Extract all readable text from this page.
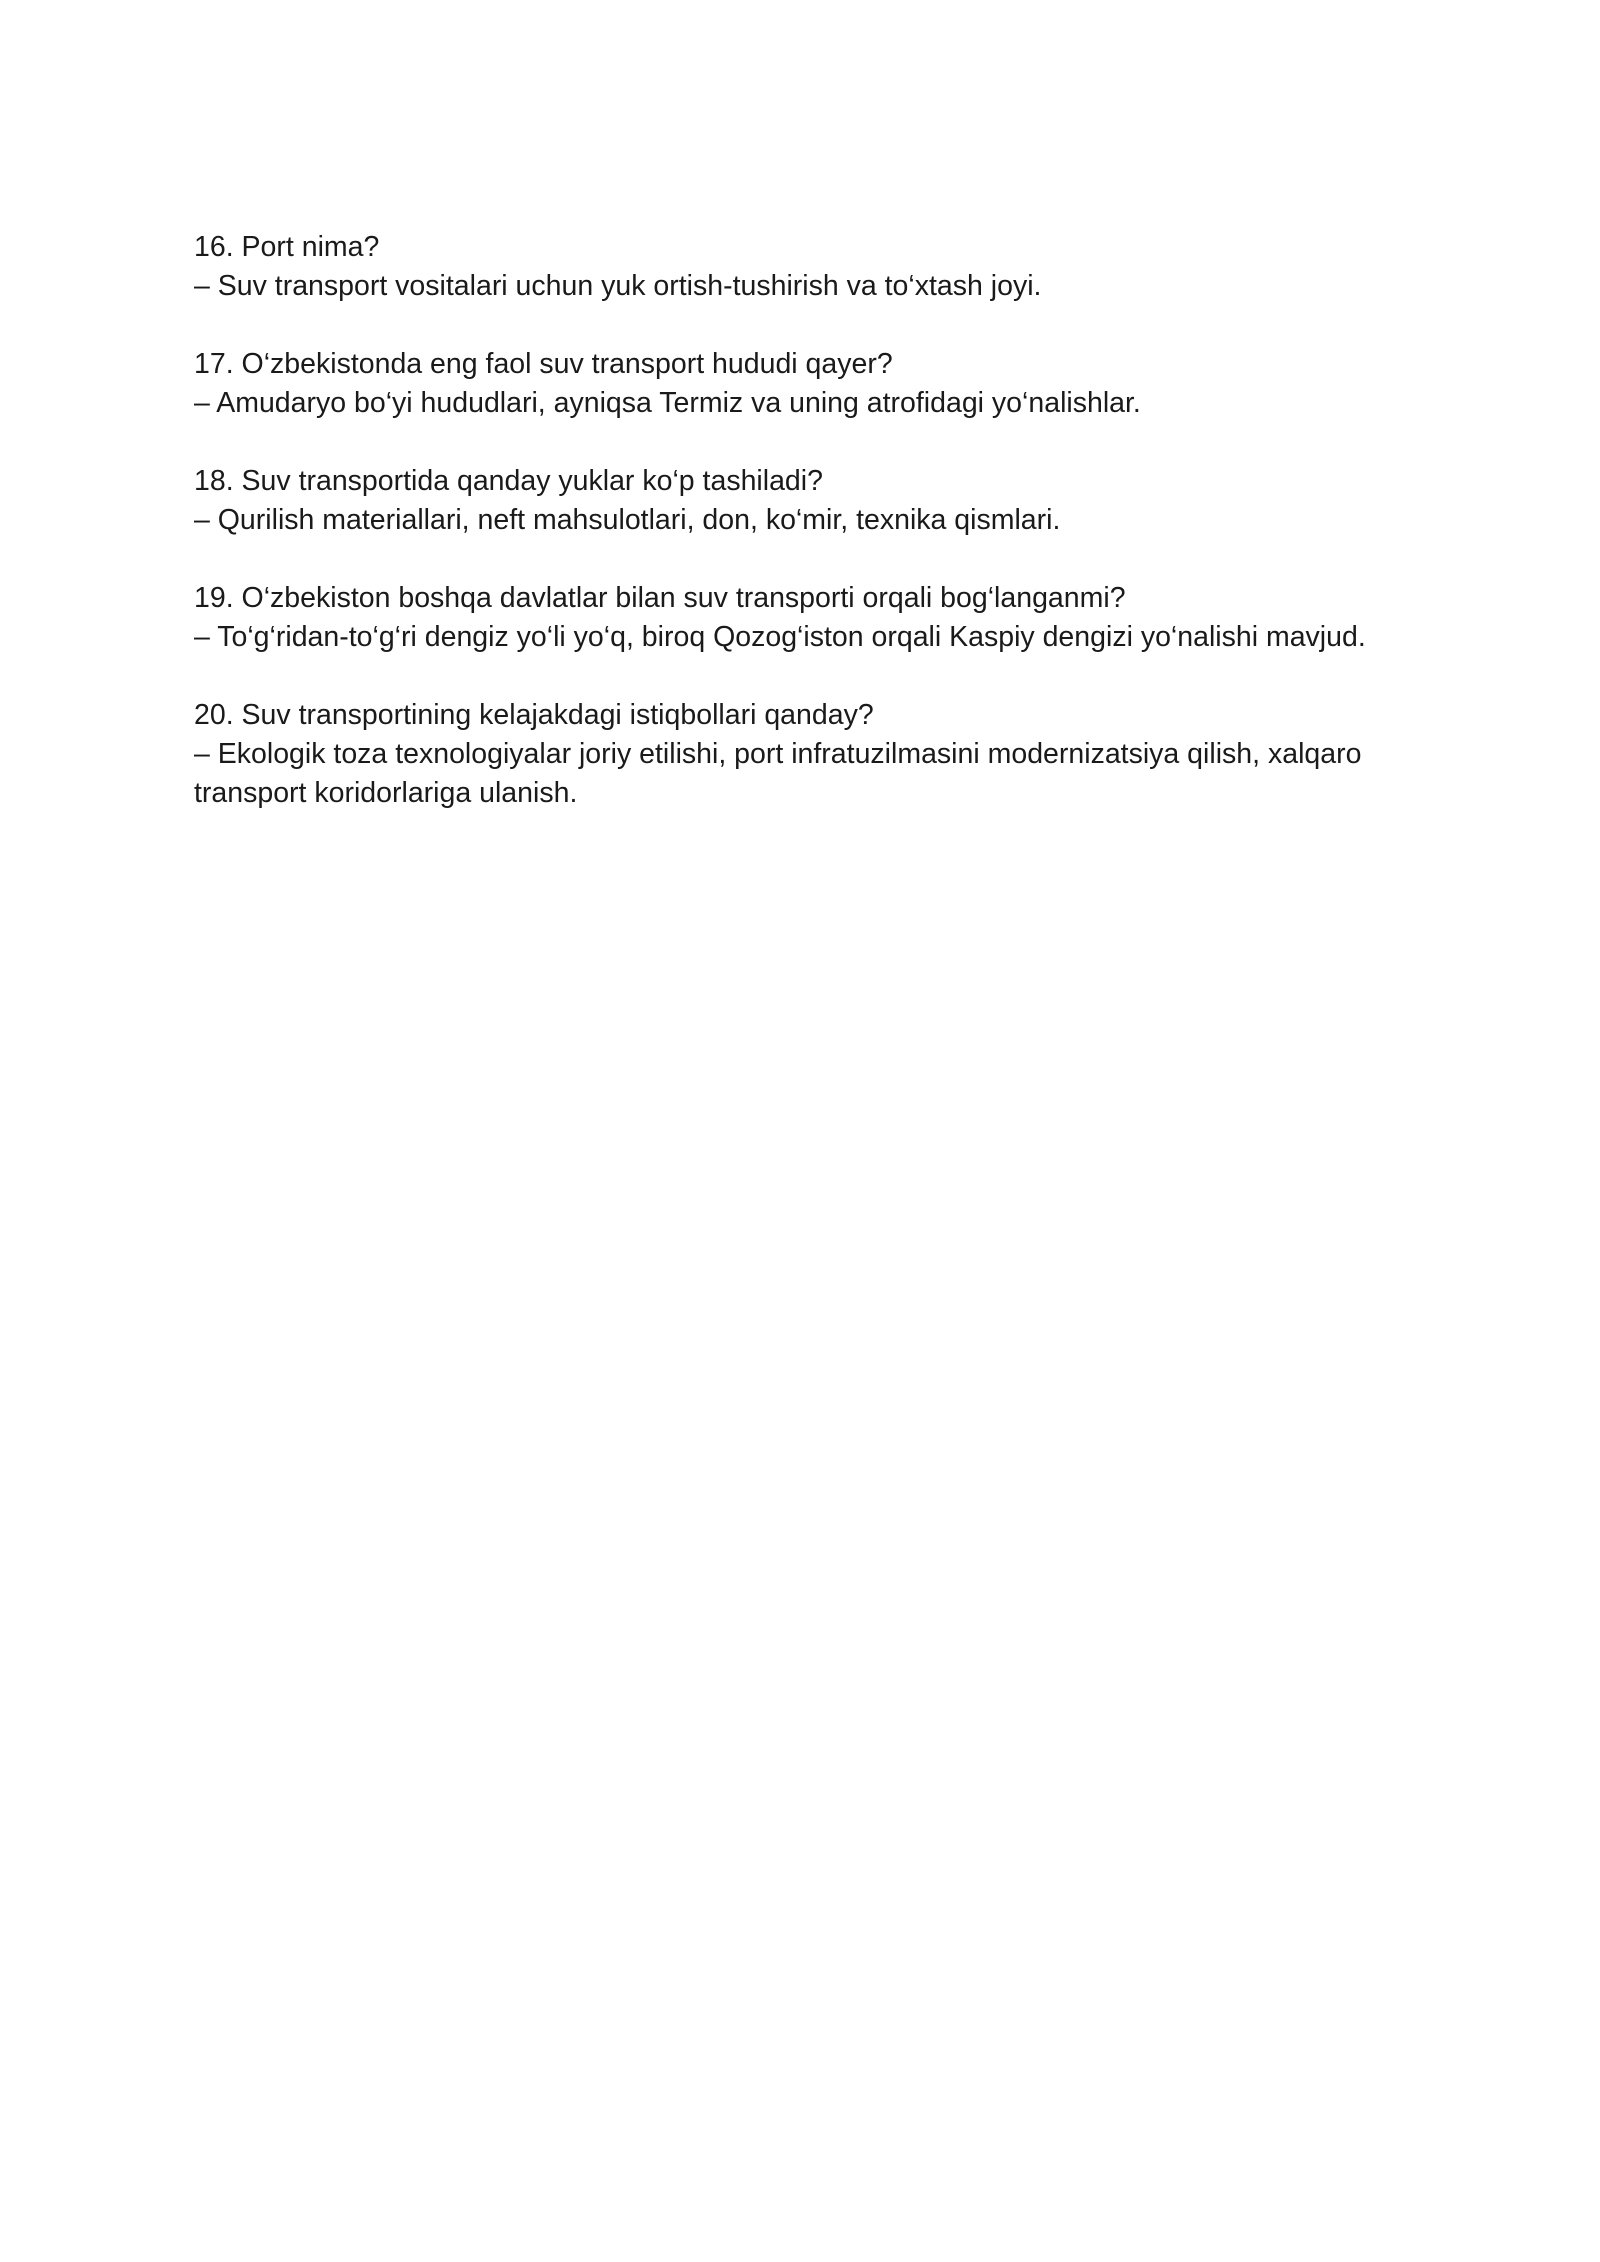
16. Port nima?

– Suv transport vositalari uchun yuk ortish-tushirish va to‘xtash joyi.

17. O‘zbekistonda eng faol suv transport hududi qayer?

– Amudaryo bo‘yi hududlari, ayniqsa Termiz va uning atrofidagi yo‘nalishlar.

18. Suv transportida qanday yuklar ko‘p tashiladi?

– Qurilish materiallari, neft mahsulotlari, don, ko‘mir, texnika qismlari.

19. O‘zbekiston boshqa davlatlar bilan suv transporti orqali bog‘langanmi?

– To‘g‘ridan-to‘g‘ri dengiz yo‘li yo‘q, biroq Qozog‘iston orqali Kaspiy dengizi yo‘nalishi mavjud.

20. Suv transportining kelajakdagi istiqbollari qanday?

– Ekologik toza texnologiyalar joriy etilishi, port infratuzilmasini modernizatsiya qilish, xalqaro transport koridorlariga ulanish.
